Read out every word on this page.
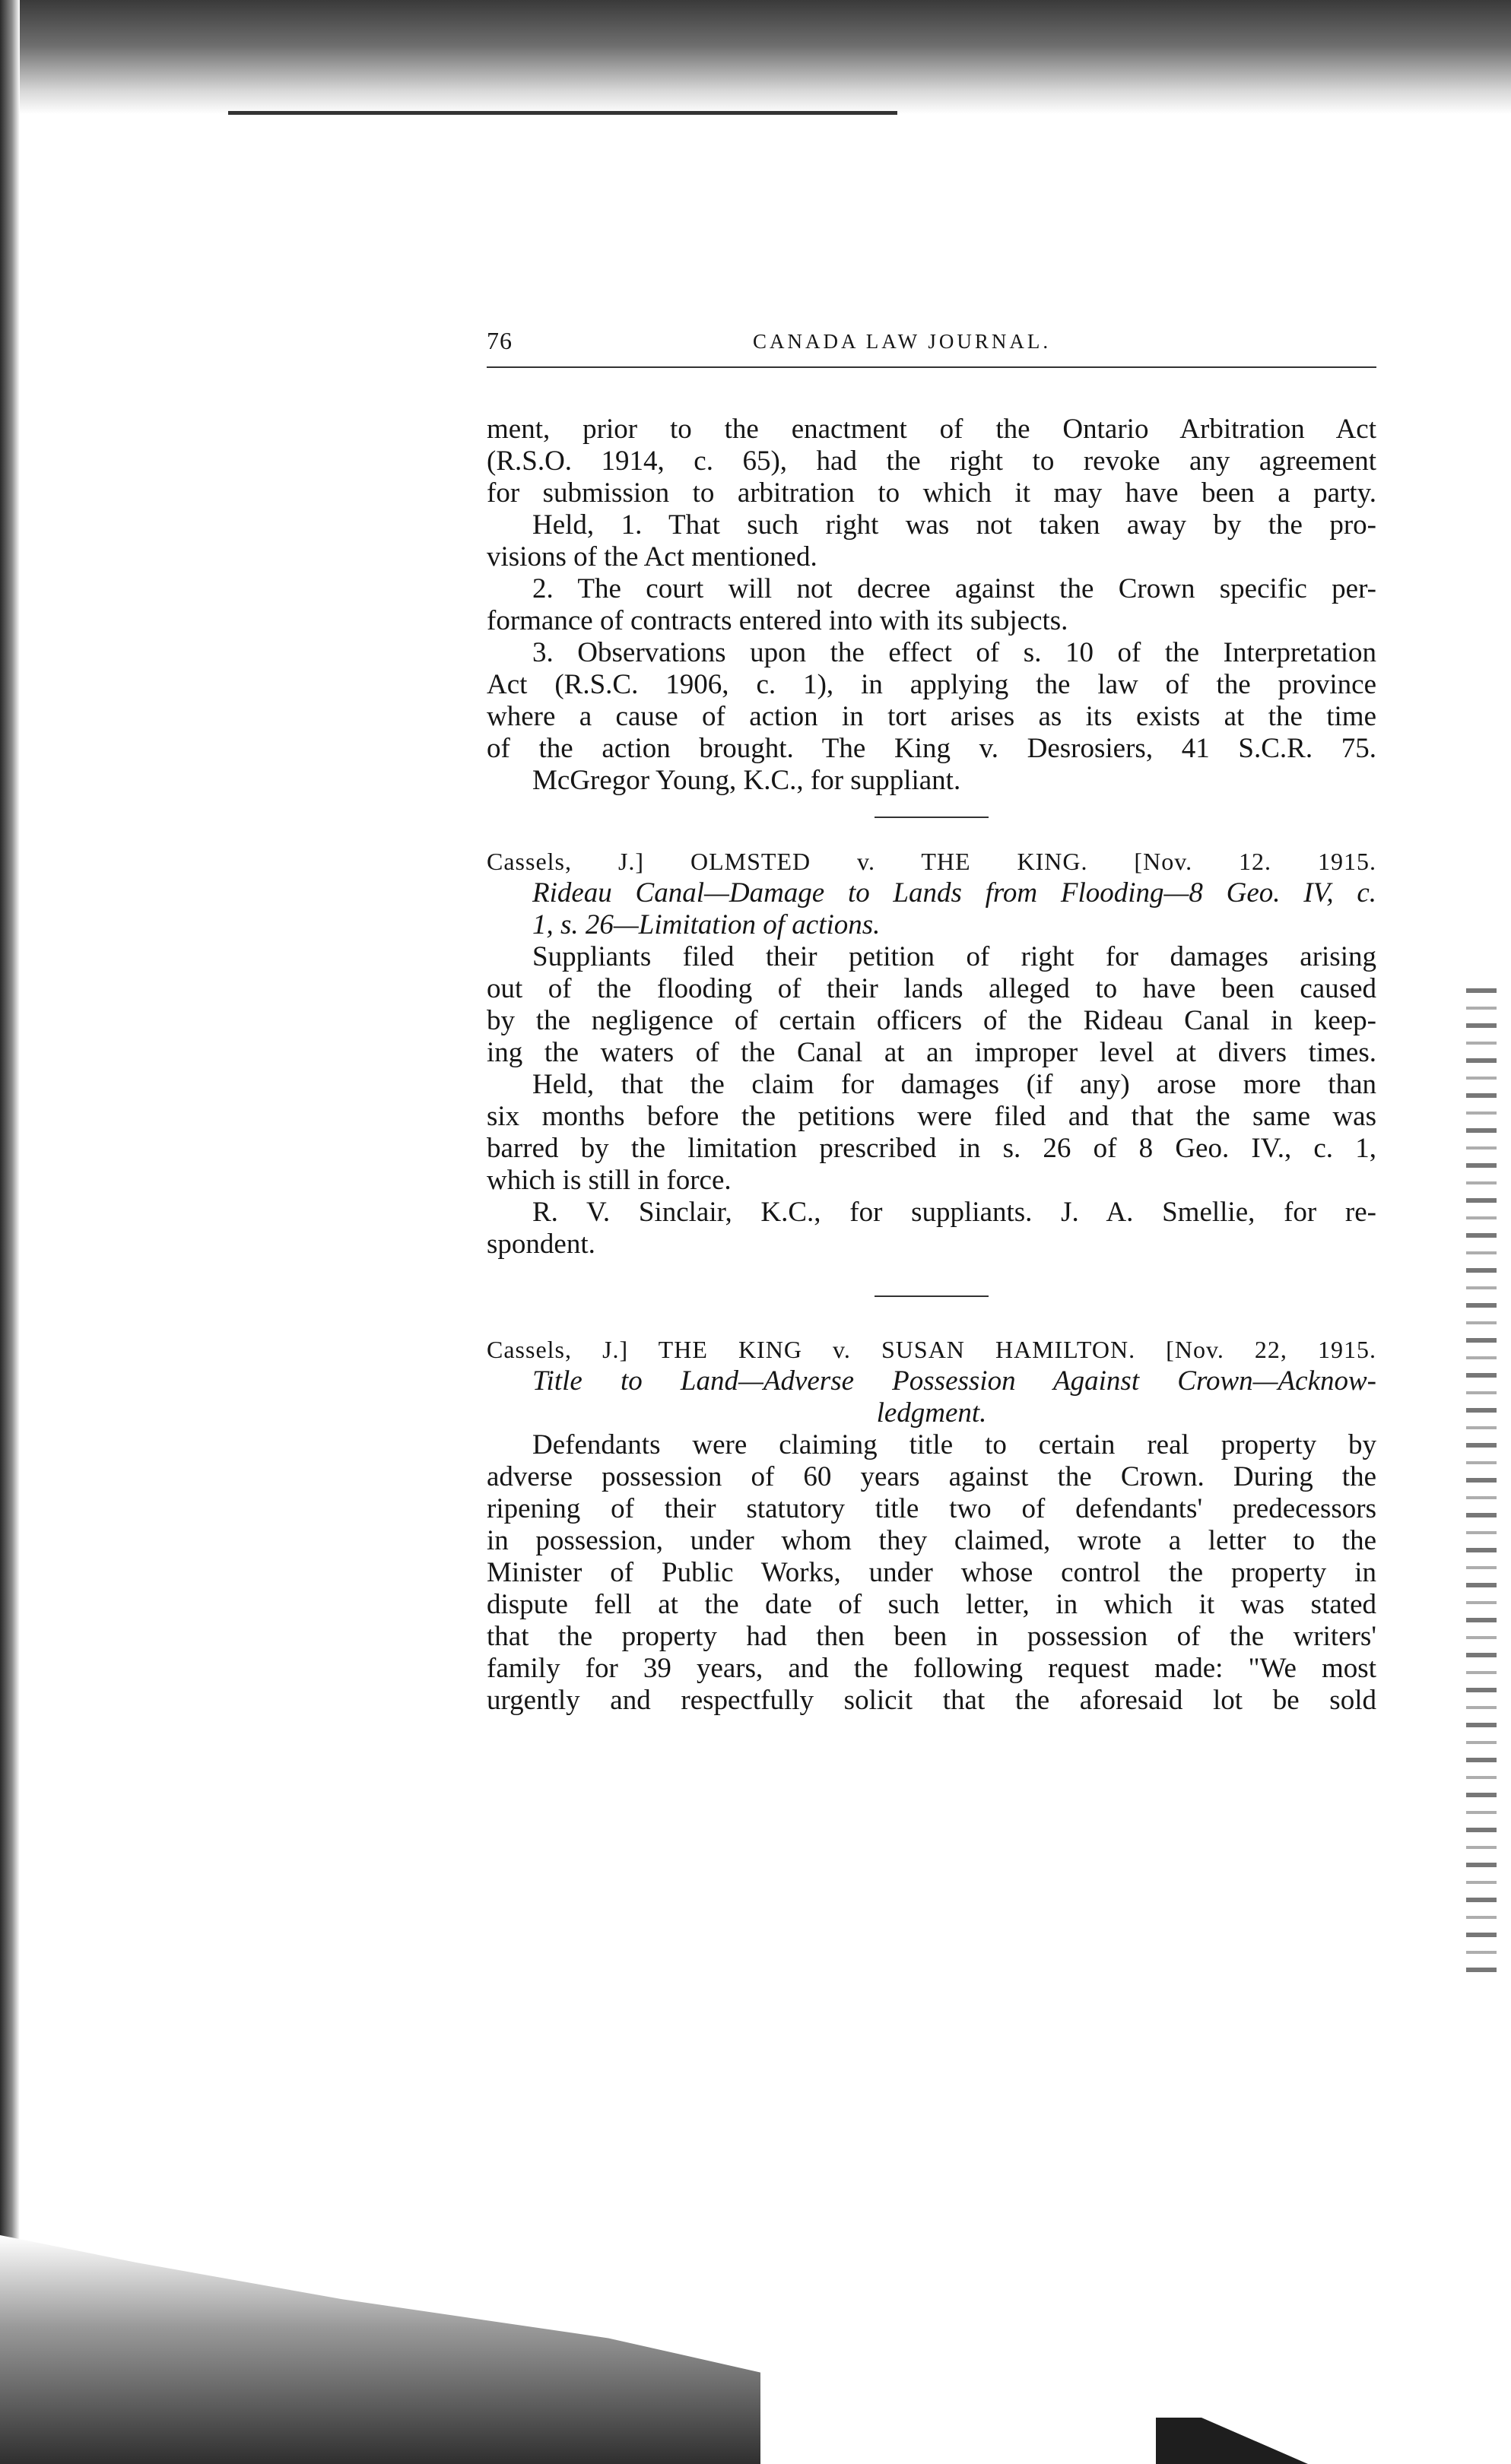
76	CANADA LAW JOURNAL.
ment, prior to the enactment of the Ontario Arbitration Act
(R.S.O. 1914, c. 65), had the right to revoke any agreement
for submission to arbitration to which it may have been a party.
Held, 1. That such right was not taken away by the pro-
visions of the Act mentioned.
2. The court will not decree against the Crown specific per-
formance of contracts entered into with its subjects.
3. Observations upon the effect of s. 10 of the Interpretation
Act (R.S.C. 1906, c. 1), in applying the law of the province
where a cause of action in tort arises as its exists at the time
of the action brought. The King v. Desrosiers, 41 S.C.R. 75.
McGregor Young, K.C., for suppliant.
Cassels, J.] OLMSTED v. THE KING. [Nov. 12. 1915.
Rideau Canal—Damage to Lands from Flooding—8 Geo. IV, c.
1, s. 26—Limitation of actions.
Suppliants filed their petition of right for damages arising
out of the flooding of their lands alleged to have been caused
by the negligence of certain officers of the Rideau Canal in keep-
ing the waters of the Canal at an improper level at divers times.
Held, that the claim for damages (if any) arose more than
six months before the petitions were filed and that the same was
barred by the limitation prescribed in s. 26 of 8 Geo. IV., c. 1,
which is still in force.
R. V. Sinclair, K.C., for suppliants. J. A. Smellie, for re-
spondent.
Cassels, J.] THE KING v. SUSAN HAMILTON. [Nov. 22, 1915.
Title to Land—Adverse Possession Against Crown—Acknow-
ledgment.
Defendants were claiming title to certain real property by
adverse possession of 60 years against the Crown. During the
ripening of their statutory title two of defendants' predecessors
in possession, under whom they claimed, wrote a letter to the
Minister of Public Works, under whose control the property in
dispute fell at the date of such letter, in which it was stated
that the property had then been in possession of the writers'
family for 39 years, and the following request made: "We most
urgently and respectfully solicit that the aforesaid lot be sold
